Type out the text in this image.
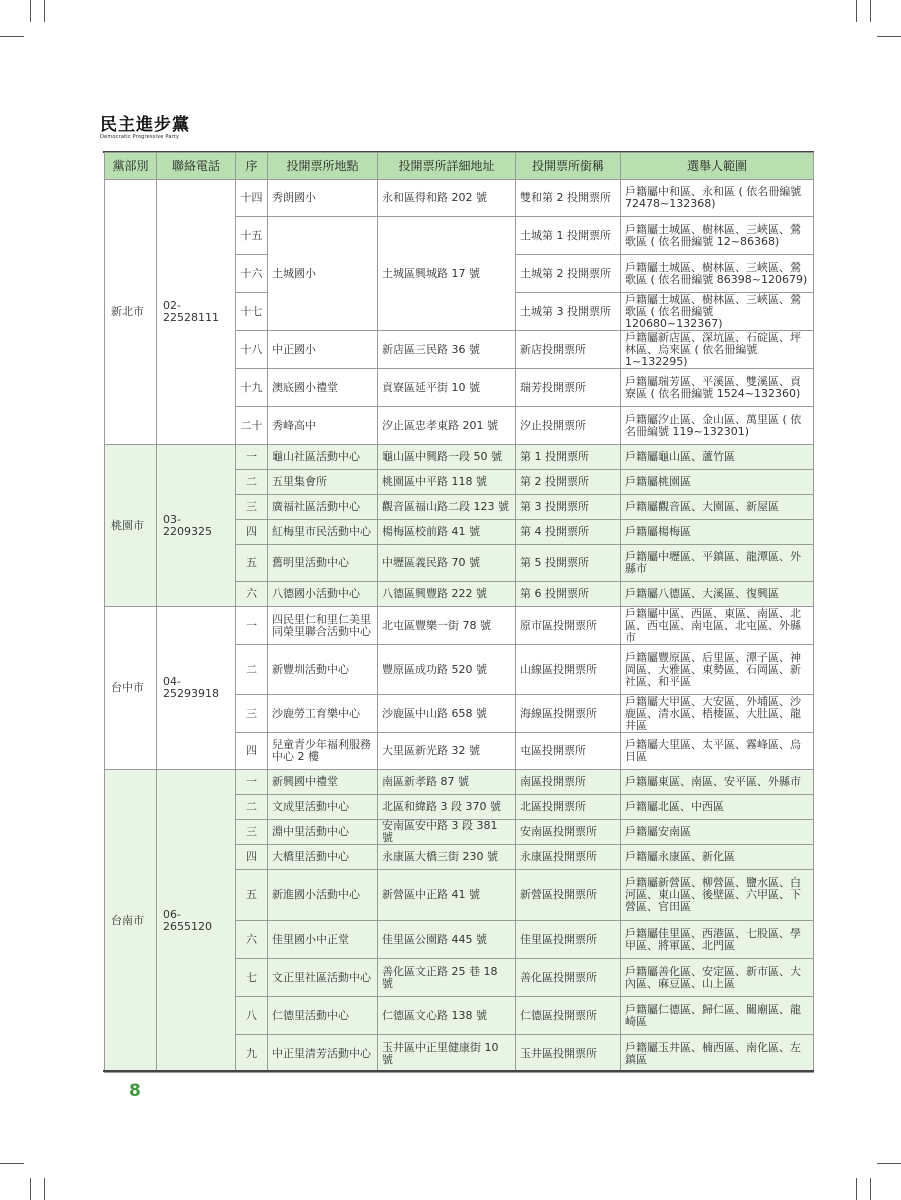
民主進步黨
Democratic Progressive Party
黨部別	聯絡電話	序	投開票所地點	投開票所詳細地址	投開票所銜稱	選舉人範圍
新北市	02-22528111	十四	秀朗國小	永和區得和路 202 號	雙和第 2 投開票所	戶籍屬中和區、永和區 ( 依名冊編號 72478~132368)
		十五	土城國小	土城區興城路 17 號	土城第 1 投開票所	戶籍屬土城區、樹林區、三峽區、鶯歌區 ( 依名冊編號 12~86368)
		十六			土城第 2 投開票所	戶籍屬土城區、樹林區、三峽區、鶯歌區 ( 依名冊編號 86398~120679)
		十七			土城第 3 投開票所	戶籍屬土城區、樹林區、三峽區、鶯歌區 ( 依名冊編號 120680~132367)
		十八	中正國小	新店區三民路 36 號	新店投開票所	戶籍屬新店區、深坑區、石碇區、坪林區、烏來區 ( 依名冊編號 1~132295)
		十九	澳底國小禮堂	貢寮區延平街 10 號	瑞芳投開票所	戶籍屬瑞芳區、平溪區、雙溪區、貢寮區 ( 依名冊編號 1524~132360)
		二十	秀峰高中	汐止區忠孝東路 201 號	汐止投開票所	戶籍屬汐止區、金山區、萬里區 ( 依名冊編號 119~132301)
桃園市	03-2209325	一	龜山社區活動中心	龜山區中興路一段 50 號	第 1 投開票所	戶籍屬龜山區、蘆竹區
		二	五里集會所	桃園區中平路 118 號	第 2 投開票所	戶籍屬桃園區
		三	廣福社區活動中心	觀音區福山路二段 123 號	第 3 投開票所	戶籍屬觀音區、大園區、新屋區
		四	紅梅里市民活動中心	楊梅區校前路 41 號	第 4 投開票所	戶籍屬楊梅區
		五	舊明里活動中心	中壢區義民路 70 號	第 5 投開票所	戶籍屬中壢區、平鎮區、龍潭區、外縣市
		六	八德國小活動中心	八德區興豐路 222 號	第 6 投開票所	戶籍屬八德區、大溪區、復興區
台中市	04-25293918	一	四民里仁和里仁美里同榮里聯合活動中心	北屯區豐樂一街 78 號	原市區投開票所	戶籍屬中區、西區、東區、南區、北區、西屯區、南屯區、北屯區、外縣市
		二	新豐圳活動中心	豐原區成功路 520 號	山線區投開票所	戶籍屬豐原區、后里區、潭子區、神岡區、大雅區、東勢區、石岡區、新社區、和平區
		三	沙鹿勞工育樂中心	沙鹿區中山路 658 號	海線區投開票所	戶籍屬大甲區、大安區、外埔區、沙鹿區、清水區、梧棲區、大肚區、龍井區
		四	兒童青少年福利服務中心 2 樓	大里區新光路 32 號	屯區投開票所	戶籍屬大里區、太平區、霧峰區、烏日區
台南市	06-2655120	一	新興國中禮堂	南區新孝路 87 號	南區投開票所	戶籍屬東區、南區、安平區、外縣市
		二	文成里活動中心	北區和緯路 3 段 370 號	北區投開票所	戶籍屬北區、中西區
		三	淵中里活動中心	安南區安中路 3 段 381 號	安南區投開票所	戶籍屬安南區
		四	大橋里活動中心	永康區大橋三街 230 號	永康區投開票所	戶籍屬永康區、新化區
		五	新進國小活動中心	新營區中正路 41 號	新營區投開票所	戶籍屬新營區、柳營區、鹽水區、白河區、東山區、後壁區、六甲區、下營區、官田區
		六	佳里國小中正堂	佳里區公園路 445 號	佳里區投開票所	戶籍屬佳里區、西港區、七股區、學甲區、將軍區、北門區
		七	文正里社區活動中心	善化區文正路 25 巷 18 號	善化區投開票所	戶籍屬善化區、安定區、新市區、大內區、麻豆區、山上區
		八	仁德里活動中心	仁德區文心路 138 號	仁德區投開票所	戶籍屬仁德區、歸仁區、關廟區、龍崎區
		九	中正里清芳活動中心	玉井區中正里健康街 10 號	玉井區投開票所	戶籍屬玉井區、楠西區、南化區、左鎮區
8
